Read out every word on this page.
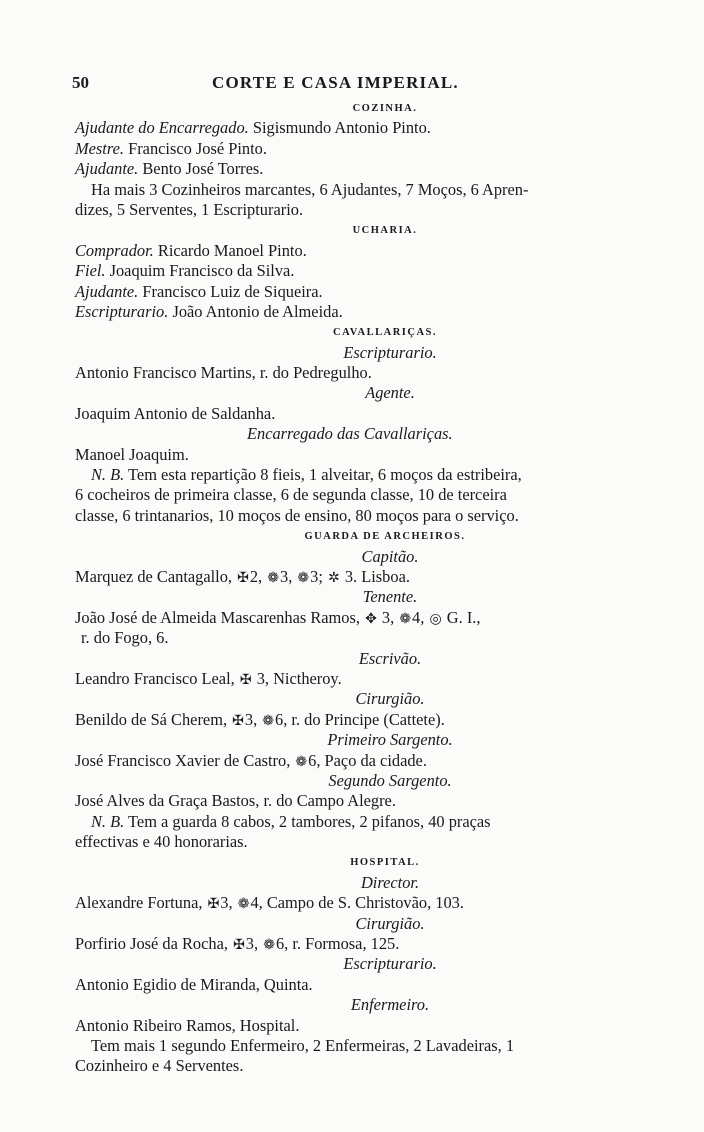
50	CORTE E CASA IMPERIAL.
COZINHA.
Ajudante do Encarregado. Sigismundo Antonio Pinto.
Mestre. Francisco José Pinto.
Ajudante. Bento José Torres.
Ha mais 3 Cozinheiros marcantes, 6 Ajudantes, 7 Moços, 6 Apren-
dizes, 5 Serventes, 1 Escripturario.
UCHARIA.
Comprador. Ricardo Manoel Pinto.
Fiel. Joaquim Francisco da Silva.
Ajudante. Francisco Luiz de Siqueira.
Escripturario. João Antonio de Almeida.
CAVALLARIÇAS.
Escripturario.
Antonio Francisco Martins, r. do Pedregulho.
Agente.
Joaquim Antonio de Saldanha.
Encarregado das Cavallariças.
Manoel Joaquim.
N. B. Tem esta repartição 8 fieis, 1 alveitar, 6 moços da estribeira,
6 cocheiros de primeira classe, 6 de segunda classe, 10 de terceira
classe, 6 trintanarios, 10 moços de ensino, 80 moços para o serviço.
GUARDA DE ARCHEIROS.
Capitão.
Marquez de Cantagallo, ✠2, ❁3, ❁3; ✲ 3. Lisboa.
Tenente.
João José de Almeida Mascarenhas Ramos, ✥ 3, ❁4, ◎ G. I.,
r. do Fogo, 6.
Escrivão.
Leandro Francisco Leal, ✠ 3, Nictheroy.
Cirurgião.
Benildo de Sá Cherem, ✠3, ❁6, r. do Principe (Cattete).
Primeiro Sargento.
José Francisco Xavier de Castro, ❁6, Paço da cidade.
Segundo Sargento.
José Alves da Graça Bastos, r. do Campo Alegre.
N. B. Tem a guarda 8 cabos, 2 tambores, 2 pifanos, 40 praças
effectivas e 40 honorarias.
HOSPITAL.
Director.
Alexandre Fortuna, ✠3, ❁4, Campo de S. Christovão, 103.
Cirurgião.
Porfirio José da Rocha, ✠3, ❁6, r. Formosa, 125.
Escripturario.
Antonio Egidio de Miranda, Quinta.
Enfermeiro.
Antonio Ribeiro Ramos, Hospital.
Tem mais 1 segundo Enfermeiro, 2 Enfermeiras, 2 Lavadeiras, 1
Cozinheiro e 4 Serventes.
